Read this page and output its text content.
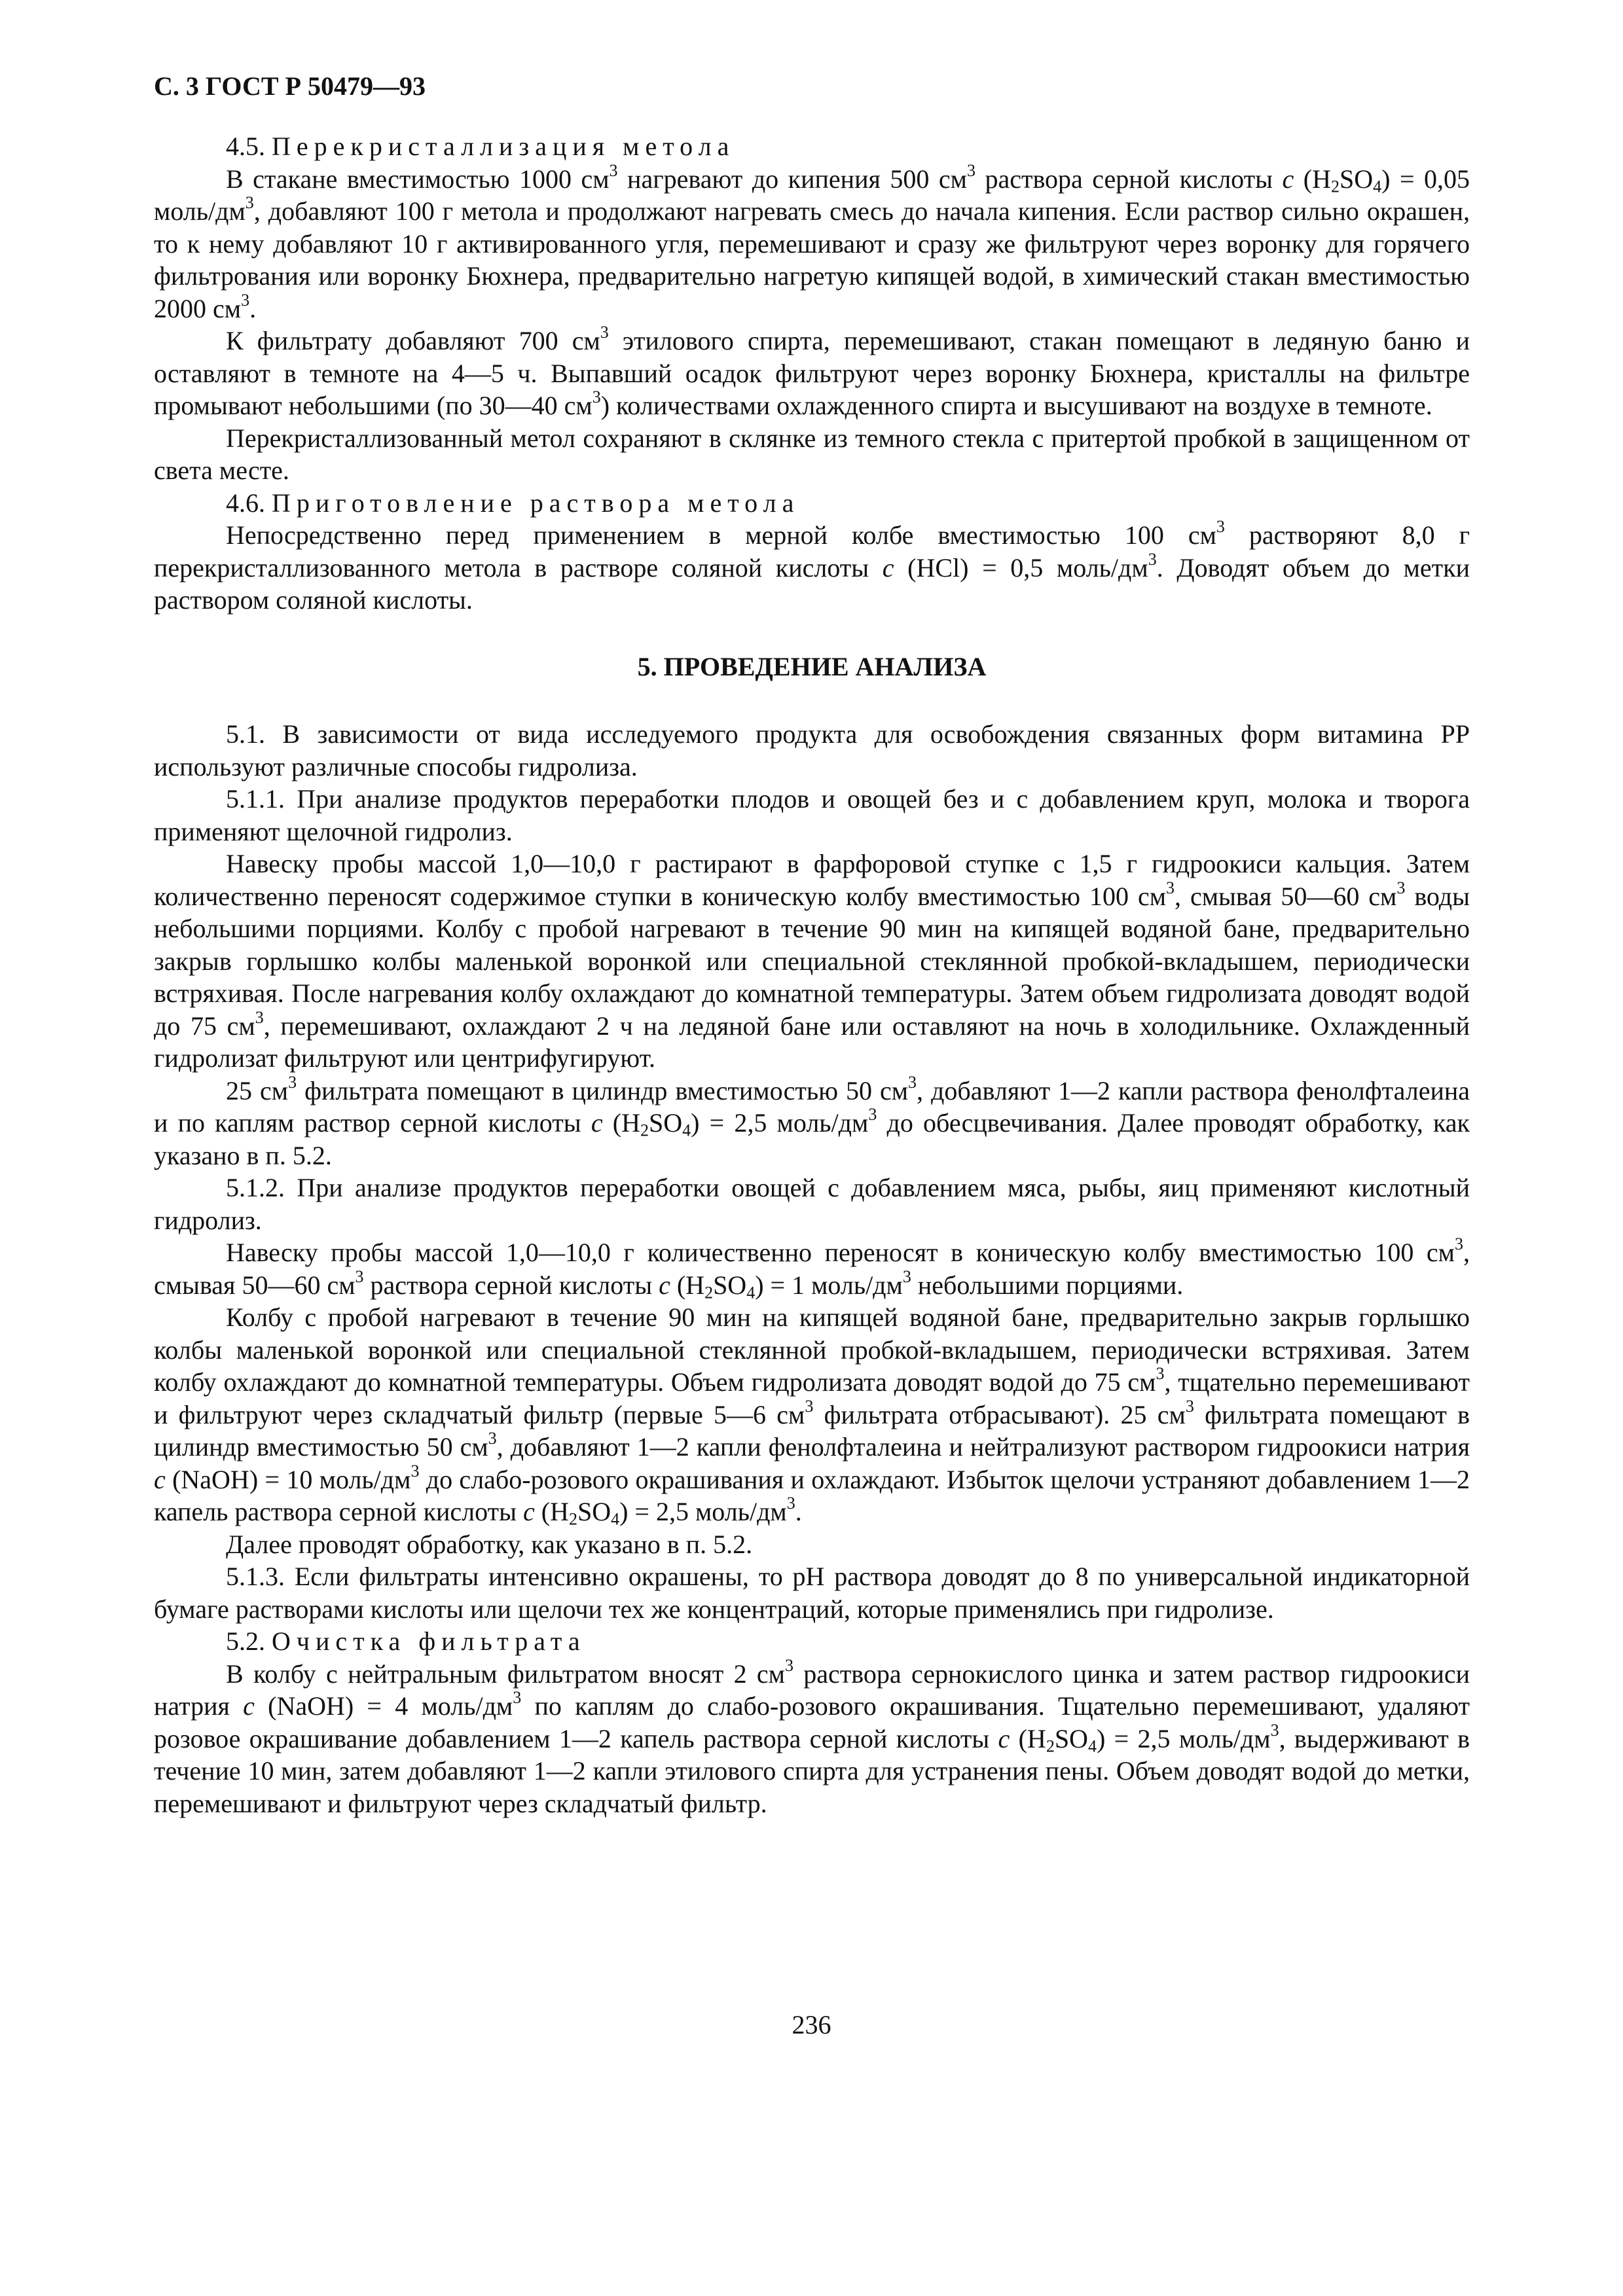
С. 3 ГОСТ Р 50479—93

4.5. Перекристаллизация метола

В стакане вместимостью 1000 $см^3$ нагревают до кипения 500 $см^3$ раствора серной кислоты c $(H_2SO_4) = 0,05$ моль/$дм^3$, добавляют 100 г метола и продолжают нагревать смесь до начала кипения. Если раствор сильно окрашен, то к нему добавляют 10 г активированного угля, перемешивают и сразу же фильтруют через воронку для горячего фильтрования или воронку Бюхнера, предварительно нагретую кипящей водой, в химический стакан вместимостью 2000 $см^3$.

К фильтрату добавляют 700 $см^3$ этилового спирта, перемешивают, стакан помещают в ледяную баню и оставляют в темноте на 4—5 ч. Выпавший осадок фильтруют через воронку Бюхнера, кристаллы на фильтре промывают небольшими (по 30—40 $см^3$) количествами охлажденного спирта и высушивают на воздухе в темноте.

Перекристаллизованный метол сохраняют в склянке из темного стекла с притертой пробкой в защищенном от света месте.

4.6. Приготовление раствора метола

Непосредственно перед применением в мерной колбе вместимостью 100 $см^3$ растворяют 8,0 г перекристаллизованного метола в растворе соляной кислоты c (HCl) = 0,5 моль/$дм^3$. Доводят объем до метки раствором соляной кислоты.

5. ПРОВЕДЕНИЕ АНАЛИЗА

5.1. В зависимости от вида исследуемого продукта для освобождения связанных форм витамина PP используют различные способы гидролиза.

5.1.1. При анализе продуктов переработки плодов и овощей без и с добавлением круп, молока и творога применяют щелочной гидролиз.

Навеску пробы массой 1,0—10,0 г растирают в фарфоровой ступке с 1,5 г гидроокиси кальция. Затем количественно переносят содержимое ступки в коническую колбу вместимостью 100 $см^3$, смывая 50—60 $см^3$ воды небольшими порциями. Колбу с пробой нагревают в течение 90 мин на кипящей водяной бане, предварительно закрыв горлышко колбы маленькой воронкой или специальной стеклянной пробкой-вкладышем, периодически встряхивая. После нагревания колбу охлаждают до комнатной температуры. Затем объем гидролизата доводят водой до 75 $см^3$, перемешивают, охлаждают 2 ч на ледяной бане или оставляют на ночь в холодильнике. Охлажденный гидролизат фильтруют или центрифугируют.

25 $см^3$ фильтрата помещают в цилиндр вместимостью 50 $см^3$, добавляют 1—2 капли раствора фенолфталеина и по каплям раствор серной кислоты c $(H_2SO_4) = 2,5$ моль/$дм^3$ до обесцвечивания. Далее проводят обработку, как указано в п. 5.2.

5.1.2. При анализе продуктов переработки овощей с добавлением мяса, рыбы, яиц применяют кислотный гидролиз.

Навеску пробы массой 1,0—10,0 г количественно переносят в коническую колбу вместимостью 100 $см^3$, смывая 50—60 $см^3$ раствора серной кислоты c $(H_2SO_4) = 1$ моль/$дм^3$ небольшими порциями.

Колбу с пробой нагревают в течение 90 мин на кипящей водяной бане, предварительно закрыв горлышко колбы маленькой воронкой или специальной стеклянной пробкой-вкладышем, периодически встряхивая. Затем колбу охлаждают до комнатной температуры. Объем гидролизата доводят водой до 75 $см^3$, тщательно перемешивают и фильтруют через складчатый фильтр (первые 5—6 $см^3$ фильтрата отбрасывают). 25 $см^3$ фильтрата помещают в цилиндр вместимостью 50 $см^3$, добавляют 1—2 капли фенолфталеина и нейтрализуют раствором гидроокиси натрия c (NaOH) = 10 моль/$дм^3$ до слабо-розового окрашивания и охлаждают. Избыток щелочи устраняют добавлением 1—2 капель раствора серной кислоты c $(H_2SO_4) = 2,5$ моль/$дм^3$.

Далее проводят обработку, как указано в п. 5.2.

5.1.3. Если фильтраты интенсивно окрашены, то pH раствора доводят до 8 по универсальной индикаторной бумаге растворами кислоты или щелочи тех же концентраций, которые применялись при гидролизе.

5.2. Очистка фильтрата

В колбу с нейтральным фильтратом вносят 2 $см^3$ раствора сернокислого цинка и затем раствор гидроокиси натрия c (NaOH) = 4 моль/$дм^3$ по каплям до слабо-розового окрашивания. Тщательно перемешивают, удаляют розовое окрашивание добавлением 1—2 капель раствора серной кислоты c $(H_2SO_4) = 2,5$ моль/$дм^3$, выдерживают в течение 10 мин, затем добавляют 1—2 капли этилового спирта для устранения пены. Объем доводят водой до метки, перемешивают и фильтруют через складчатый фильтр.

236
